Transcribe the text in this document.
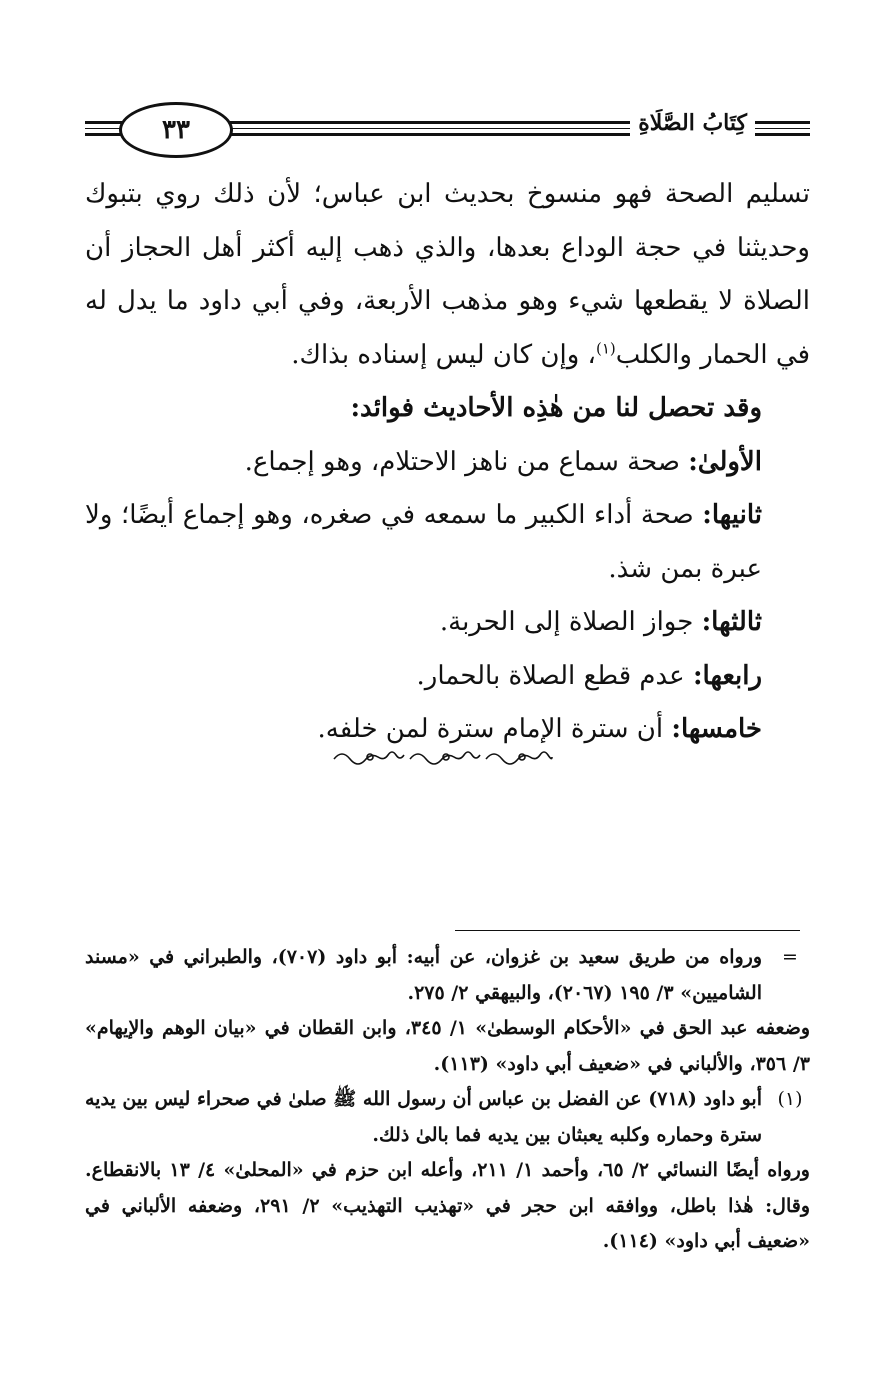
٣٣	كِتَابُ الصَّلَاةِ

تسليم الصحة فهو منسوخ بحديث ابن عباس؛ لأن ذلك روي بتبوك وحديثنا في حجة الوداع بعدها، والذي ذهب إليه أكثر أهل الحجاز أن الصلاة لا يقطعها شيء وهو مذهب الأربعة، وفي أبي داود ما يدل له في الحمار والكلب$^{(١)}$، وإن كان ليس إسناده بذاك.

وقد تحصل لنا من هٰذِه الأحاديث فوائد:

الأولىٰ: صحة سماع من ناهز الاحتلام، وهو إجماع.

ثانيها: صحة أداء الكبير ما سمعه في صغره، وهو إجماع أيضًا؛ ولا عبرة بمن شذ.

ثالثها: جواز الصلاة إلى الحربة.

رابعها: عدم قطع الصلاة بالحمار.

خامسها: أن سترة الإمام سترة لمن خلفه.

=

ورواه من طريق سعيد بن غزوان، عن أبيه: أبو داود (٧٠٧)، والطبراني في «مسند الشاميين» ٣/ ١٩٥ (٢٠٦٧)، والبيهقي ٢/ ٢٧٥.

وضعفه عبد الحق في «الأحكام الوسطىٰ» ١/ ٣٤٥، وابن القطان في «بيان الوهم والإيهام» ٣/ ٣٥٦، والألباني في «ضعيف أبي داود» (١١٣).

(١)

أبو داود (٧١٨) عن الفضل بن عباس أن رسول الله ﷺ صلىٰ في صحراء ليس بين يديه سترة وحماره وكلبه يعبثان بين يديه فما بالىٰ ذلك.

ورواه أيضًا النسائي ٢/ ٦٥، وأحمد ١/ ٢١١، وأعله ابن حزم في «المحلىٰ» ٤/ ١٣ بالانقطاع. وقال: هٰذا باطل، ووافقه ابن حجر في «تهذيب التهذيب» ٢/ ٢٩١، وضعفه الألباني في «ضعيف أبي داود» (١١٤).
